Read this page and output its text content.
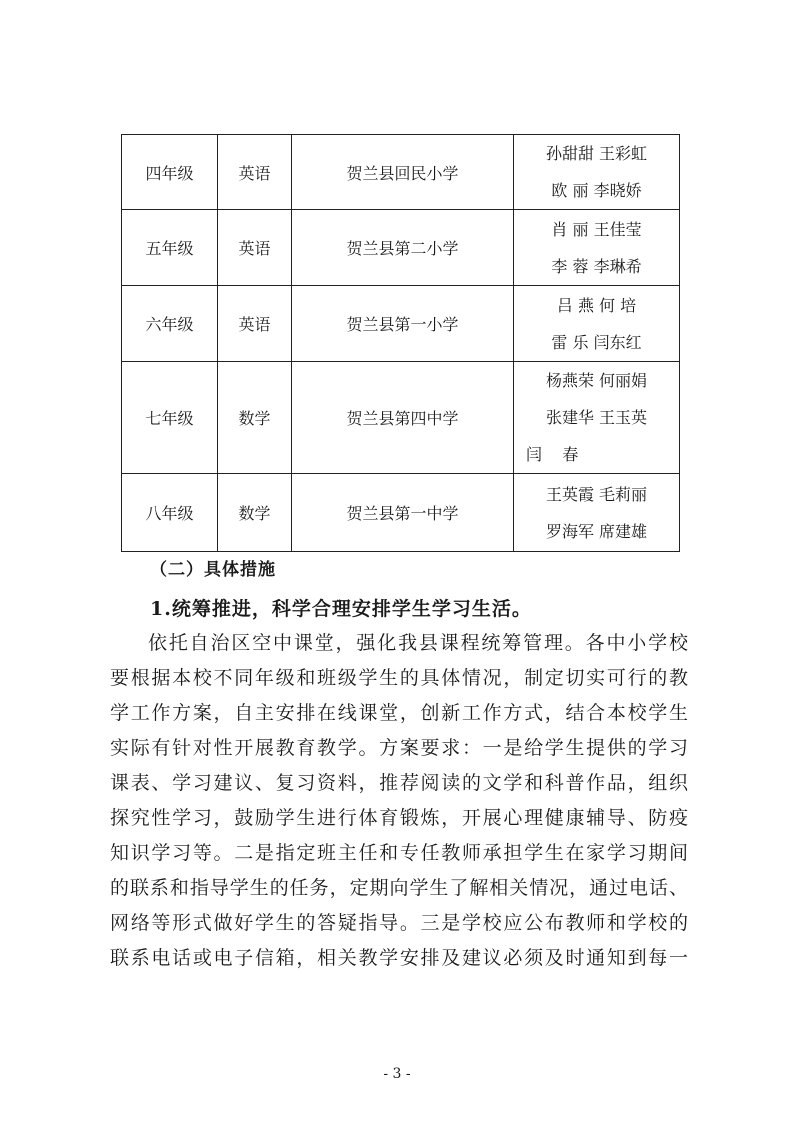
四年级	英语	贺兰县回民小学	孙甜甜 王彩虹
欧 丽 李晓娇

五年级	英语	贺兰县第二小学	肖 丽 王佳莹
李 蓉 李琳希

六年级	英语	贺兰县第一小学	吕 燕 何 培
雷 乐 闫东红

七年级	数学	贺兰县第四中学	杨燕荣 何丽娟
张建华 王玉英
闫    春

八年级	数学	贺兰县第一中学	王英霞 毛莉丽
罗海军 席建雄
（二）具体措施
1.统筹推进，科学合理安排学生学习生活。
依托自治区空中课堂，强化我县课程统筹管理。各中小学校
要根据本校不同年级和班级学生的具体情况，制定切实可行的教
学工作方案，自主安排在线课堂，创新工作方式，结合本校学生
实际有针对性开展教育教学。方案要求：一是给学生提供的学习
课表、学习建议、复习资料，推荐阅读的文学和科普作品，组织
探究性学习，鼓励学生进行体育锻炼，开展心理健康辅导、防疫
知识学习等。二是指定班主任和专任教师承担学生在家学习期间
的联系和指导学生的任务，定期向学生了解相关情况，通过电话、
网络等形式做好学生的答疑指导。三是学校应公布教师和学校的
联系电话或电子信箱，相关教学安排及建议必须及时通知到每一
- 3 -
